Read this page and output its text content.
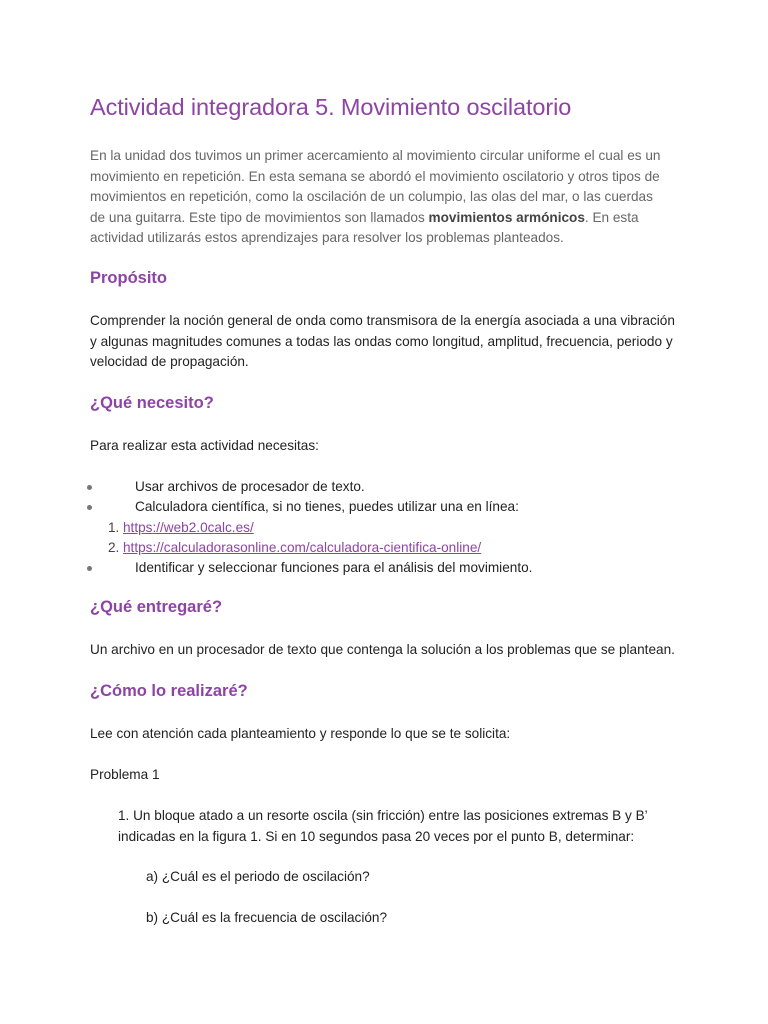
Actividad integradora 5. Movimiento oscilatorio

En la unidad dos tuvimos un primer acercamiento al movimiento circular uniforme el cual es un movimiento en repetición. En esta semana se abordó el movimiento oscilatorio y otros tipos de movimientos en repetición, como la oscilación de un columpio, las olas del mar, o las cuerdas de una guitarra. Este tipo de movimientos son llamados movimientos armónicos. En esta actividad utilizarás estos aprendizajes para resolver los problemas planteados.

Propósito

Comprender la noción general de onda como transmisora de la energía asociada a una vibración y algunas magnitudes comunes a todas las ondas como longitud, amplitud, frecuencia, periodo y velocidad de propagación.

¿Qué necesito?

Para realizar esta actividad necesitas:

Usar archivos de procesador de texto.
Calculadora científica, si no tienes, puedes utilizar una en línea:
1. https://web2.0calc.es/
2. https://calculadorasonline.com/calculadora-cientifica-online/
Identificar y seleccionar funciones para el análisis del movimiento.
¿Qué entregaré?

Un archivo en un procesador de texto que contenga la solución a los problemas que se plantean.

¿Cómo lo realizaré?

Lee con atención cada planteamiento y responde lo que se te solicita:

Problema 1

1. Un bloque atado a un resorte oscila (sin fricción) entre las posiciones extremas B y B’ indicadas en la figura 1. Si en 10 segundos pasa 20 veces por el punto B, determinar:

a) ¿Cuál es el periodo de oscilación?

b) ¿Cuál es la frecuencia de oscilación?
